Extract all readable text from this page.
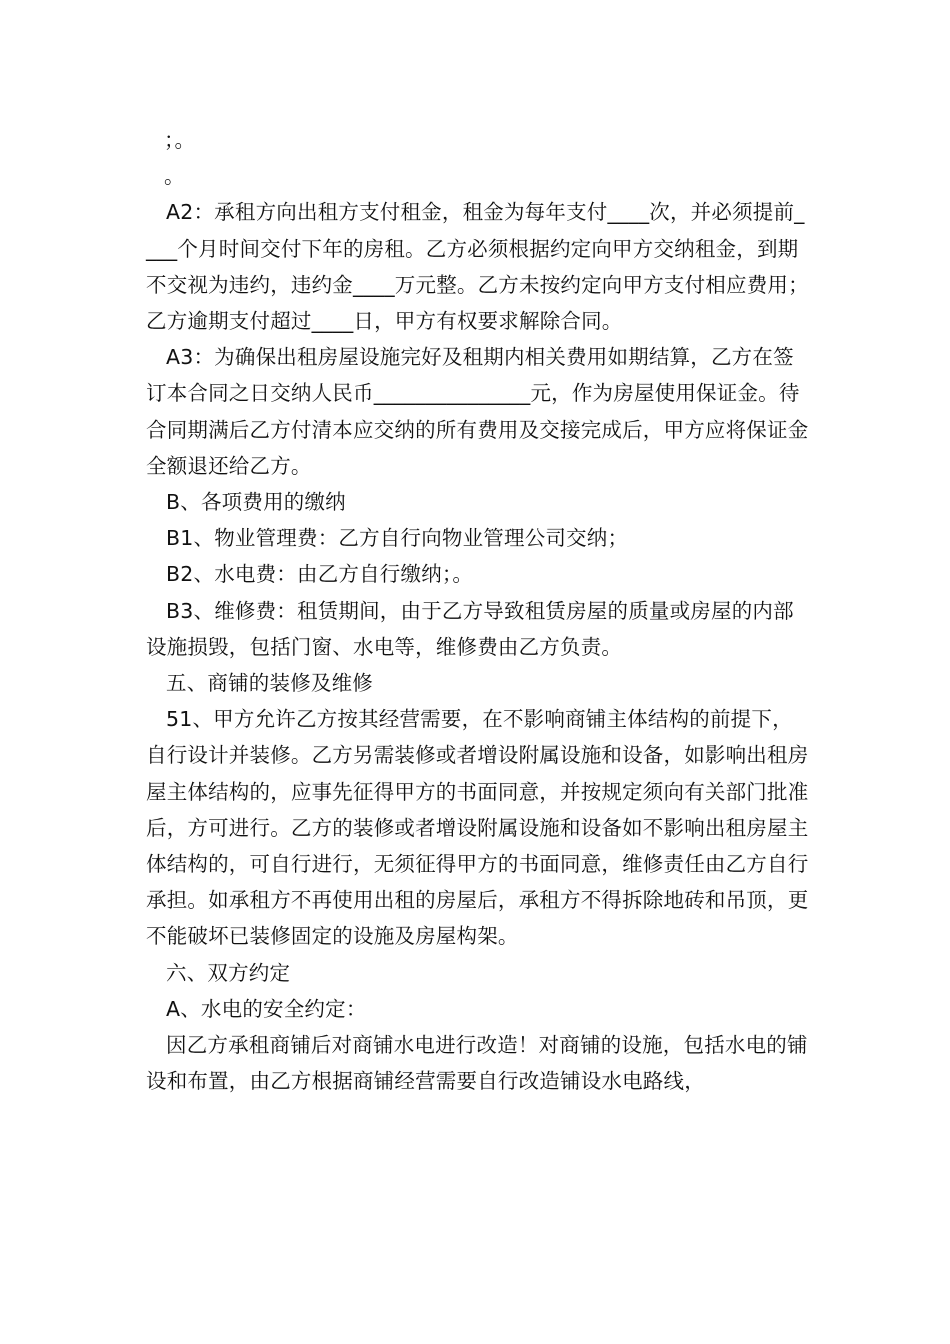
；。

。

A2：承租方向出租方支付租金，租金为每年支付____次，并必须提前____个月时间交付下年的房租。乙方必须根据约定向甲方交纳租金，到期不交视为违约，违约金____万元整。乙方未按约定向甲方支付相应费用；乙方逾期支付超过____日，甲方有权要求解除合同。

A3：为确保出租房屋设施完好及租期内相关费用如期结算，乙方在签订本合同之日交纳人民币_______________元，作为房屋使用保证金。待合同期满后乙方付清本应交纳的所有费用及交接完成后，甲方应将保证金全额退还给乙方。

B、各项费用的缴纳

B1、物业管理费：乙方自行向物业管理公司交纳；

B2、水电费：由乙方自行缴纳；。

B3、维修费：租赁期间，由于乙方导致租赁房屋的质量或房屋的内部设施损毁，包括门窗、水电等，维修费由乙方负责。

五、商铺的装修及维修

51、甲方允许乙方按其经营需要，在不影响商铺主体结构的前提下，自行设计并装修。乙方另需装修或者增设附属设施和设备，如影响出租房屋主体结构的，应事先征得甲方的书面同意，并按规定须向有关部门批准后，方可进行。乙方的装修或者增设附属设施和设备如不影响出租房屋主体结构的，可自行进行，无须征得甲方的书面同意，维修责任由乙方自行承担。如承租方不再使用出租的房屋后，承租方不得拆除地砖和吊顶，更不能破坏已装修固定的设施及房屋构架。

六、双方约定

A、水电的安全约定：

因乙方承租商铺后对商铺水电进行改造！对商铺的设施，包括水电的铺设和布置，由乙方根据商铺经营需要自行改造铺设水电路线，
